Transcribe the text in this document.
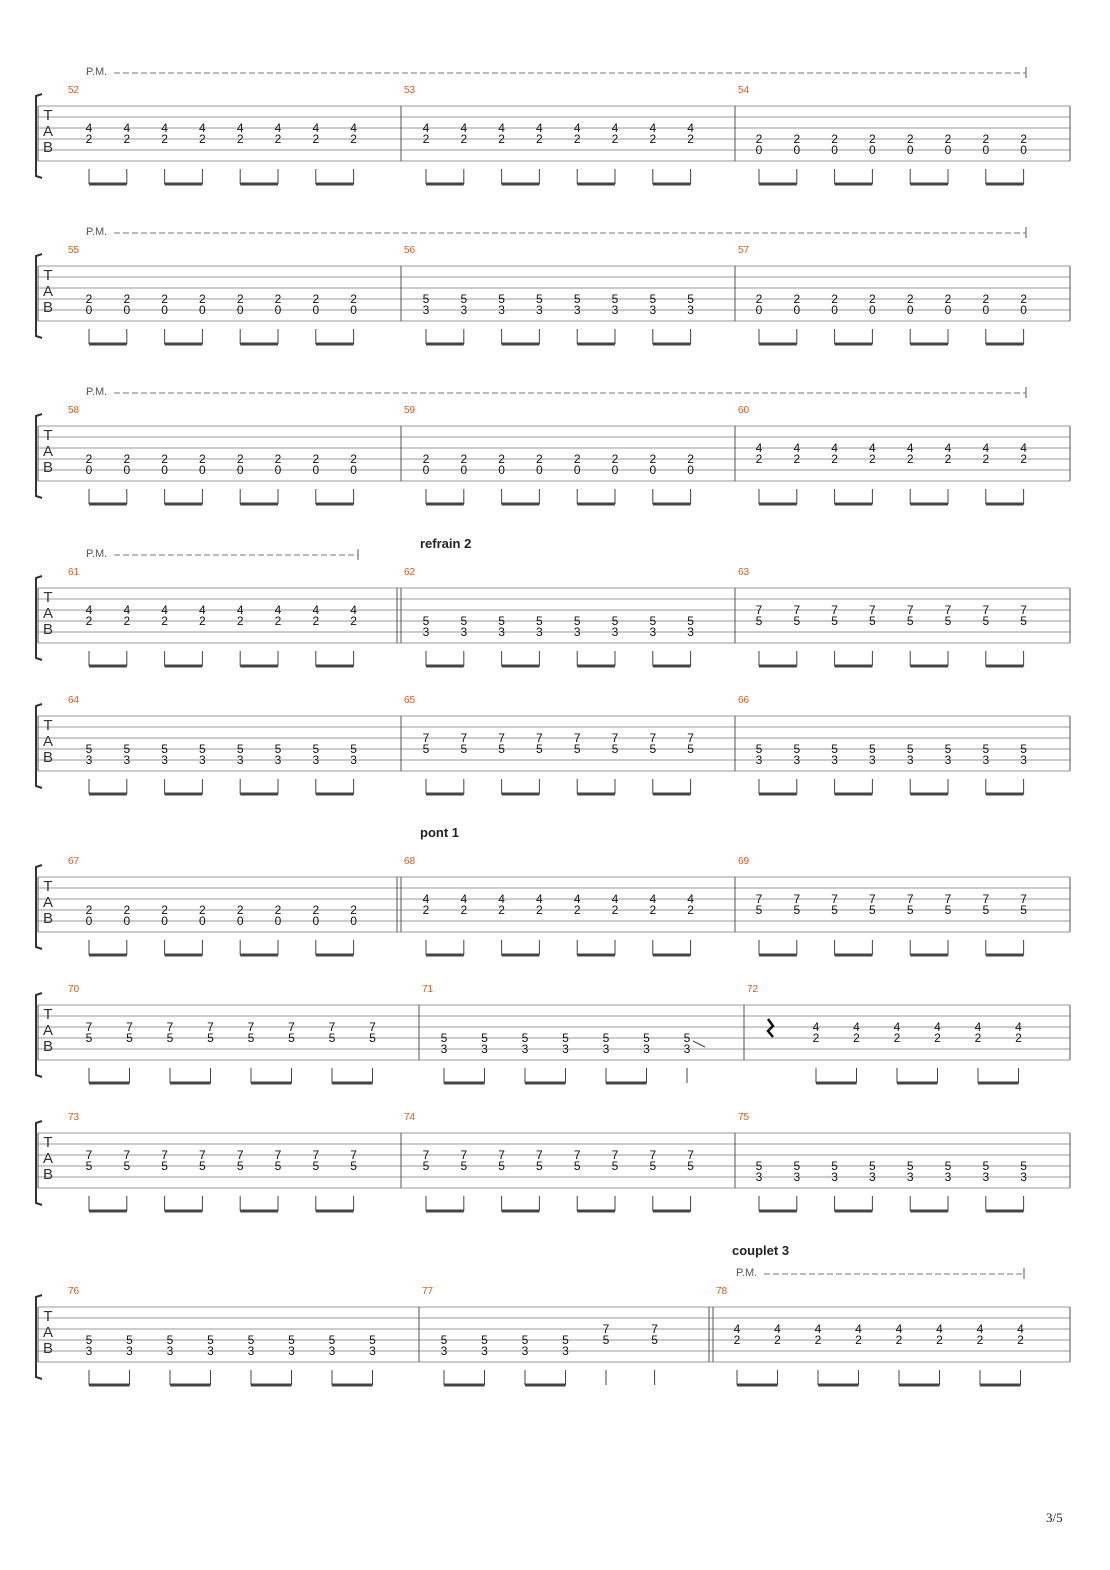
T
A
B
P.M.
52
4
2
4
2
4
2
4
2
4
2
4
2
4
2
4
2
53
4
2
4
2
4
2
4
2
4
2
4
2
4
2
4
2
54
2
0
2
0
2
0
2
0
2
0
2
0
2
0
2
0
T
A
B
P.M.
55
2
0
2
0
2
0
2
0
2
0
2
0
2
0
2
0
56
5
3
5
3
5
3
5
3
5
3
5
3
5
3
5
3
57
2
0
2
0
2
0
2
0
2
0
2
0
2
0
2
0
T
A
B
P.M.
58
2
0
2
0
2
0
2
0
2
0
2
0
2
0
2
0
59
2
0
2
0
2
0
2
0
2
0
2
0
2
0
2
0
60
4
2
4
2
4
2
4
2
4
2
4
2
4
2
4
2
T
A
B
P.M.
refrain 2
61
4
2
4
2
4
2
4
2
4
2
4
2
4
2
4
2
62
5
3
5
3
5
3
5
3
5
3
5
3
5
3
5
3
63
7
5
7
5
7
5
7
5
7
5
7
5
7
5
7
5
T
A
B
64
5
3
5
3
5
3
5
3
5
3
5
3
5
3
5
3
65
7
5
7
5
7
5
7
5
7
5
7
5
7
5
7
5
66
5
3
5
3
5
3
5
3
5
3
5
3
5
3
5
3
T
A
B
pont 1
67
2
0
2
0
2
0
2
0
2
0
2
0
2
0
2
0
68
4
2
4
2
4
2
4
2
4
2
4
2
4
2
4
2
69
7
5
7
5
7
5
7
5
7
5
7
5
7
5
7
5
T
A
B
70
7
5
7
5
7
5
7
5
7
5
7
5
7
5
7
5
71
5
3
5
3
5
3
5
3
5
3
5
3
5
3
72
4
2
4
2
4
2
4
2
4
2
4
2
T
A
B
73
7
5
7
5
7
5
7
5
7
5
7
5
7
5
7
5
74
7
5
7
5
7
5
7
5
7
5
7
5
7
5
7
5
75
5
3
5
3
5
3
5
3
5
3
5
3
5
3
5
3
T
A
B
P.M.
couplet 3
76
5
3
5
3
5
3
5
3
5
3
5
3
5
3
5
3
77
5
3
5
3
5
3
5
3
7
5
7
5
78
4
2
4
2
4
2
4
2
4
2
4
2
4
2
4
2
3/5
